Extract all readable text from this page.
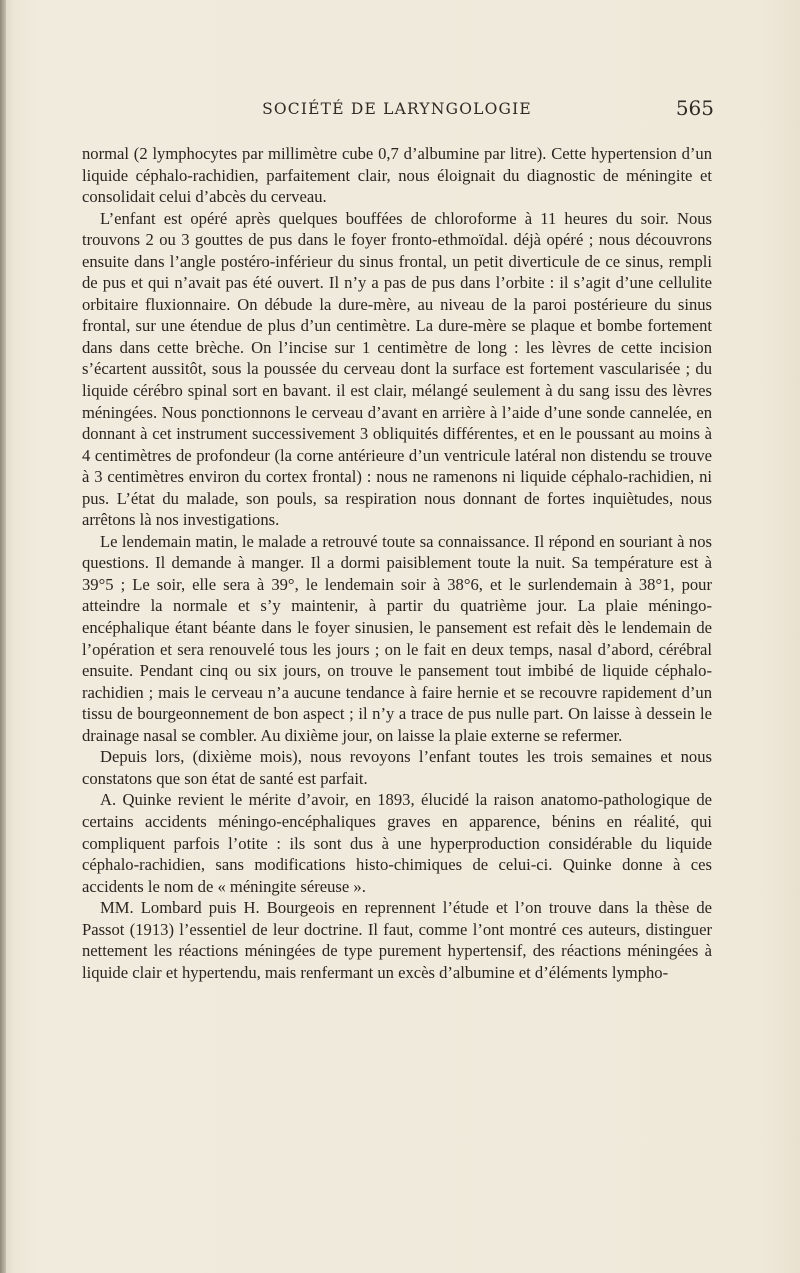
SOCIÉTÉ DE LARYNGOLOGIE	565

normal (2 lymphocytes par millimètre cube 0,7 d’albumine par litre). Cette hypertension d’un liquide céphalo-rachidien, parfaitement clair, nous éloignait du diagnostic de méningite et consolidait celui d’abcès du cerveau.

L’enfant est opéré après quelques bouffées de chloroforme à 11 heures du soir. Nous trouvons 2 ou 3 gouttes de pus dans le foyer fronto-ethmoïdal. déjà opéré ; nous découvrons ensuite dans l’angle postéro-inférieur du sinus frontal, un petit diverticule de ce sinus, rempli de pus et qui n’avait pas été ouvert. Il n’y a pas de pus dans l’orbite : il s’agit d’une cellulite orbitaire fluxionnaire. On débude la dure-mère, au niveau de la paroi postérieure du sinus frontal, sur une étendue de plus d’un centimètre. La dure-mère se plaque et bombe fortement dans dans cette brèche. On l’incise sur 1 centimètre de long : les lèvres de cette incision s’écartent aussitôt, sous la poussée du cerveau dont la surface est fortement vascularisée ; du liquide cérébro spinal sort en bavant. il est clair, mélangé seulement à du sang issu des lèvres méningées. Nous ponctionnons le cerveau d’avant en arrière à l’aide d’une sonde cannelée, en donnant à cet instrument successivement 3 obliquités différentes, et en le poussant au moins à 4 centimètres de profondeur (la corne antérieure d’un ventricule latéral non distendu se trouve à 3 centimètres environ du cortex frontal) : nous ne ramenons ni liquide céphalo-rachidien, ni pus. L’état du malade, son pouls, sa respiration nous donnant de fortes inquiètudes, nous arrêtons là nos investigations.

Le lendemain matin, le malade a retrouvé toute sa connaissance. Il répond en souriant à nos questions. Il demande à manger. Il a dormi paisiblement toute la nuit. Sa température est à 39°5 ; Le soir, elle sera à 39°, le lendemain soir à 38°6, et le surlendemain à 38°1, pour atteindre la normale et s’y maintenir, à partir du quatrième jour. La plaie méningo-encéphalique étant béante dans le foyer sinusien, le pansement est refait dès le lendemain de l’opération et sera renouvelé tous les jours ; on le fait en deux temps, nasal d’abord, cérébral ensuite. Pendant cinq ou six jours, on trouve le pansement tout imbibé de liquide céphalo-rachidien ; mais le cerveau n’a aucune tendance à faire hernie et se recouvre rapidement d’un tissu de bourgeonnement de bon aspect ; il n’y a trace de pus nulle part. On laisse à dessein le drainage nasal se combler. Au dixième jour, on laisse la plaie externe se refermer.

Depuis lors, (dixième mois), nous revoyons l’enfant toutes les trois semaines et nous constatons que son état de santé est parfait.

A. Quinke revient le mérite d’avoir, en 1893, élucidé la raison anatomo-pathologique de certains accidents méningo-encéphaliques graves en apparence, bénins en réalité, qui compliquent parfois l’otite : ils sont dus à une hyperproduction considérable du liquide céphalo-rachidien, sans modifications histo-chimiques de celui-ci. Quinke donne à ces accidents le nom de « méningite séreuse ».

MM. Lombard puis H. Bourgeois en reprennent l’étude et l’on trouve dans la thèse de Passot (1913) l’essentiel de leur doctrine. Il faut, comme l’ont montré ces auteurs, distinguer nettement les réactions méningées de type purement hypertensif, des réactions méningées à liquide clair et hypertendu, mais renfermant un excès d’albumine et d’éléments lympho-
